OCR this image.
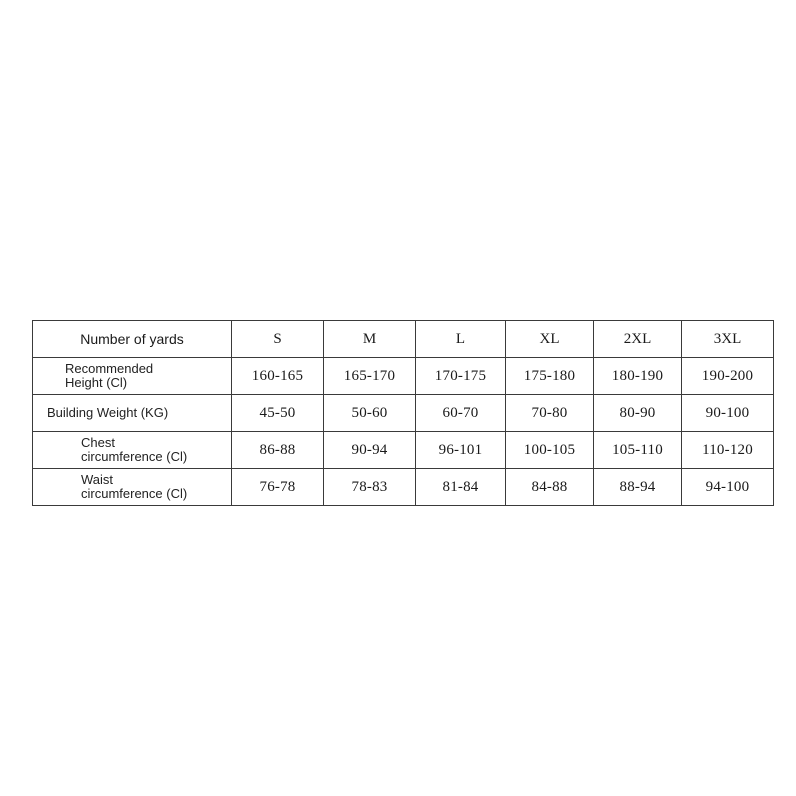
Number of yards	S	M	L	XL	2XL	3XL
Recommended
Height (Cl)	160-165	165-170	170-175	175-180	180-190	190-200
Building Weight (KG)	45-50	50-60	60-70	70-80	80-90	90-100
Chest
circumference (Cl)	86-88	90-94	96-101	100-105	105-110	110-120
Waist
circumference (Cl)	76-78	78-83	81-84	84-88	88-94	94-100
